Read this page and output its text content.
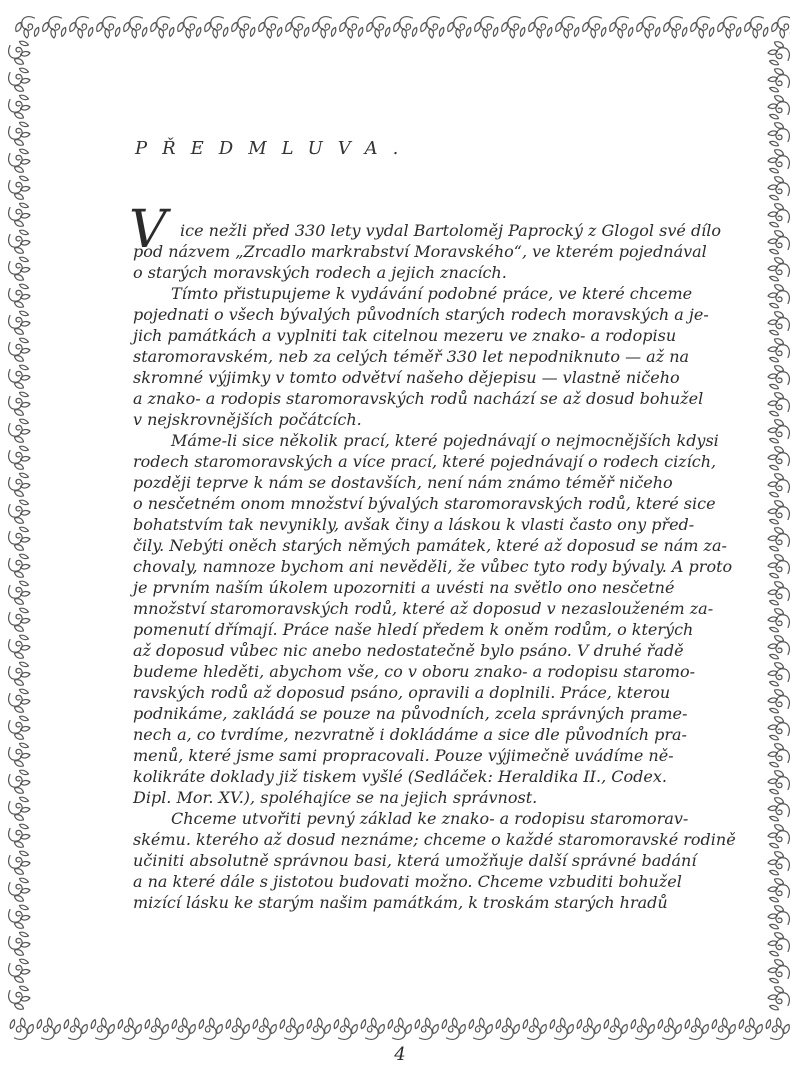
PŘEDMLUVA.
V ice nežli před 330 lety vydal Bartoloměj Paprocký z Glogol své dílo
pod názvem „Zrcadlo markrabství Moravského“, ve kterém pojednával
o starých moravských rodech a jejich znacích.
Tímto přistupujeme k vydávání podobné práce, ve které chceme
pojednati o všech bývalých původních starých rodech moravských a je-
jich památkách a vyplniti tak citelnou mezeru ve znako- a rodopisu
staromoravském, neb za celých téměř 330 let nepodniknuto — až na
skromné výjimky v tomto odvětví našeho dějepisu — vlastně ničeho
a znako- a rodopis staromoravských rodů nachází se až dosud bohužel
v nejskrovnějších počátcích.
Máme-li sice několik prací, které pojednávají o nejmocnějších kdysi
rodech staromoravských a více prací, které pojednávají o rodech cizích,
později teprve k nám se dostavších, není nám známo téměř ničeho
o nesčetném onom množství bývalých staromoravských rodů, které sice
bohatstvím tak nevynikly, avšak činy a láskou k vlasti často ony před-
čily. Nebýti oněch starých němých památek, které až doposud se nám za-
chovaly, namnoze bychom ani nevěděli, že vůbec tyto rody bývaly. A proto
je prvním naším úkolem upozorniti a uvésti na světlo ono nesčetné
množství staromoravských rodů, které až doposud v nezaslouženém za-
pomenutí dřímají. Práce naše hledí předem k oněm rodům, o kterých
až doposud vůbec nic anebo nedostatečně bylo psáno. V druhé řadě
budeme hleděti, abychom vše, co v oboru znako- a rodopisu staromo-
ravských rodů až doposud psáno, opravili a doplnili. Práce, kterou
podnikáme, zakládá se pouze na původních, zcela správných prame-
nech a, co tvrdíme, nezvratně i dokládáme a sice dle původních pra-
menů, které jsme sami propracovali. Pouze výjimečně uvádíme ně-
kolikráte doklady již tiskem vyšlé (Sedláček: Heraldika II., Codex.
Dipl. Mor. XV.), spoléhajíce se na jejich správnost.
Chceme utvořiti pevný základ ke znako- a rodopisu staromorav-
skému. kterého až dosud neznáme; chceme o každé staromoravské rodině
učiniti absolutně správnou basi, která umožňuje další správné badání
a na které dále s jistotou budovati možno. Chceme vzbuditi bohužel
mizící lásku ke starým našim památkám, k troskám starých hradů
4
